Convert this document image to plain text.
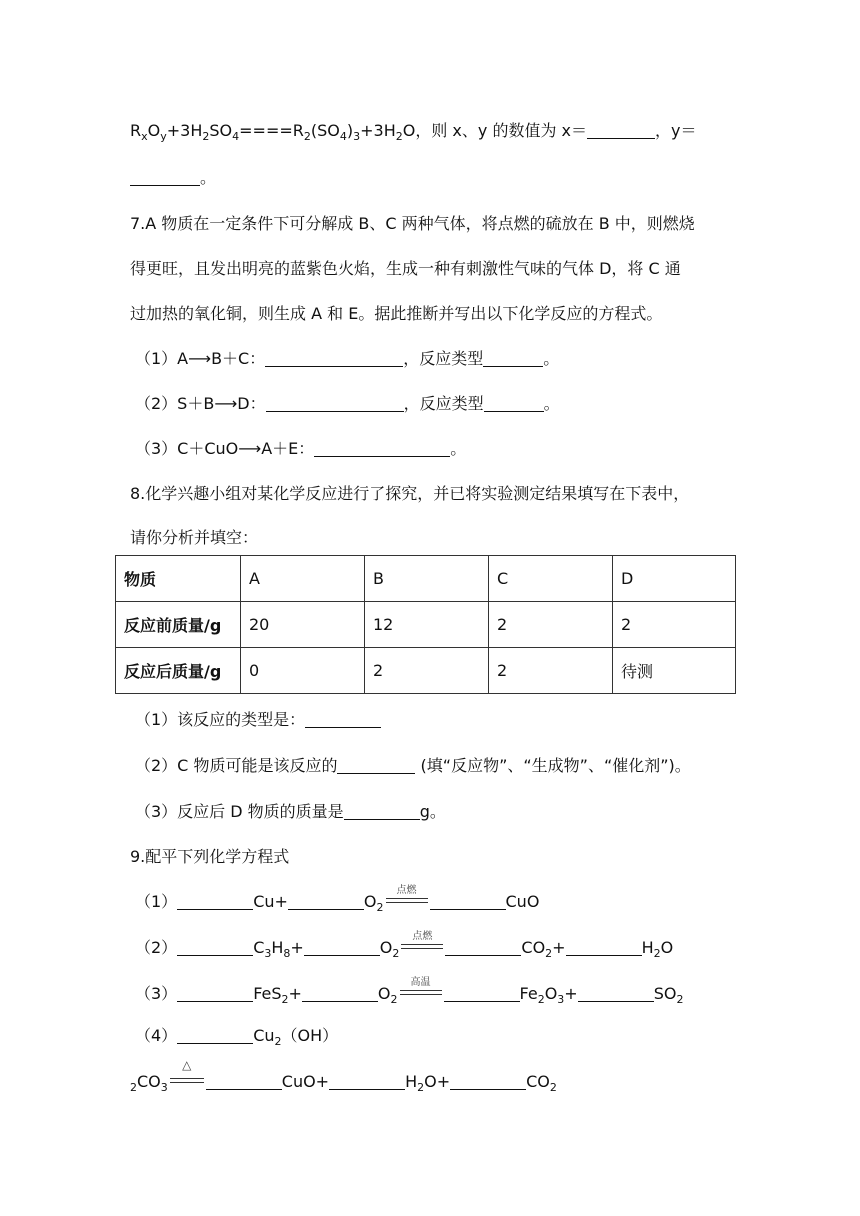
$R_xO_y+3H_2SO_4====R_2(SO_4)_3+3H_2O$，则 x、y 的数值为 x＝	，y＝
。
7.A 物质在一定条件下可分解成 B、C 两种气体，将点燃的硫放在 B 中，则燃烧
得更旺，且发出明亮的蓝紫色火焰，生成一种有刺激性气味的气体 D，将 C 通
过加热的氧化铜，则生成 A 和 E。据此推断并写出以下化学反应的方程式。
（1）A⟶B＋C：	，反应类型	。
（2）S＋B⟶D：	，反应类型	。
（3）C＋CuO⟶A＋E：	。
8.化学兴趣小组对某化学反应进行了探究，并已将实验测定结果填写在下表中，
请你分析并填空：
物质	A	B	C	D
反应前质量/g	20	12	2	2
反应后质量/g	0	2	2	待测
（1）该反应的类型是：
（2）C 物质可能是该反应的	(填“反应物”、“生成物”、“催化剂”)。
（3）反应后 D 物质的质量是	g。
9.配平下列化学方程式
（1）	Cu+	$O_2$
点燃
CuO
（2）	$C_3H_8+$	$O_2$
点燃
$CO_2+$	$H_2O$
（3）	FeS$_2$+	$O_2$
高温
$Fe_2O_3+$	$SO_2$
（4）	$Cu_2(OH)$
$_2CO_3$
△
CuO+	$H_2O+$	$CO_2$
